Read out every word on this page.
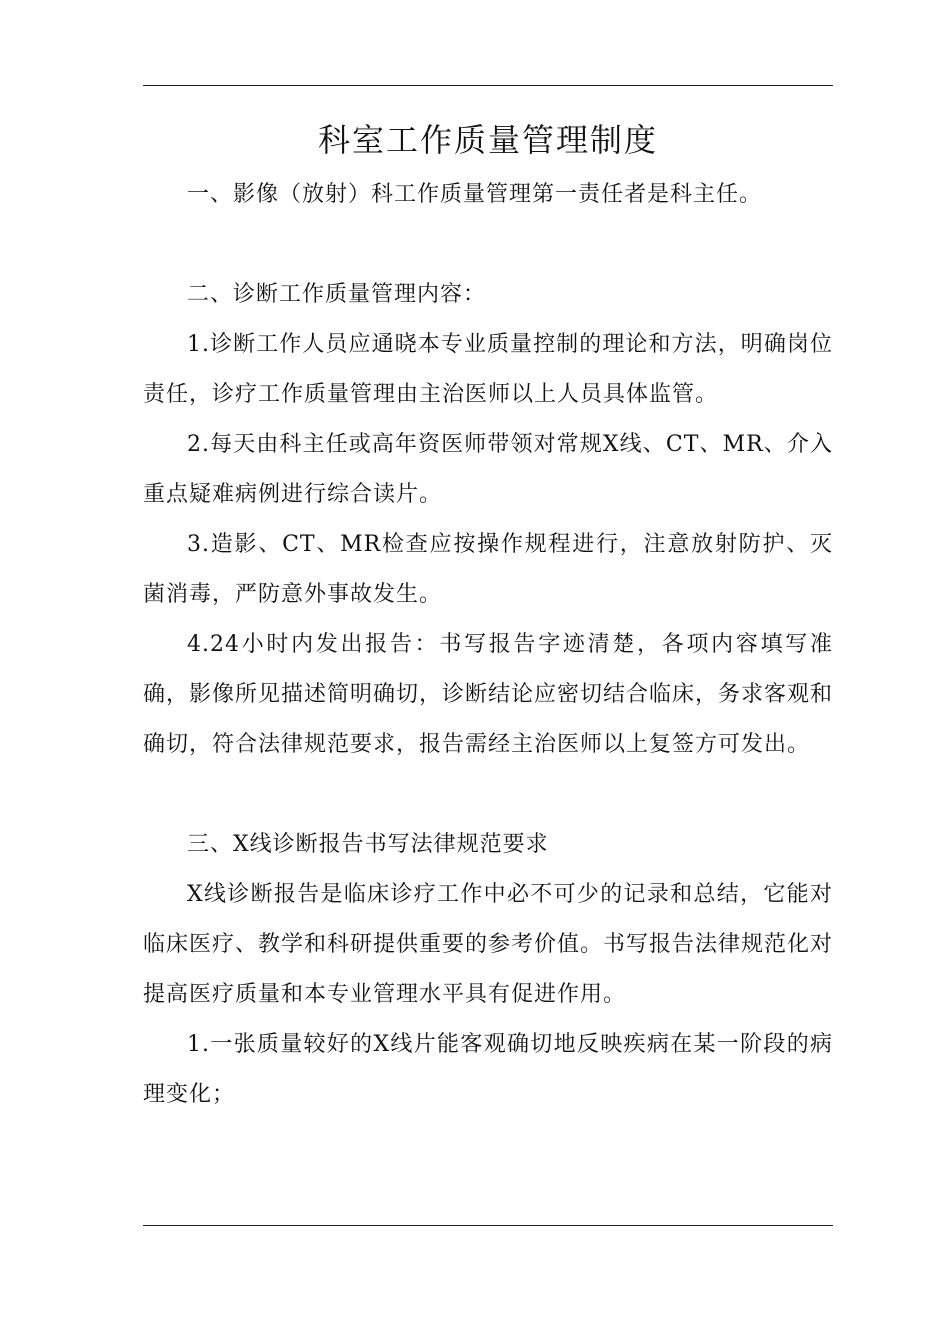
科室工作质量管理制度

一、影像（放射）科工作质量管理第一责任者是科主任。

二、诊断工作质量管理内容：

1.诊断工作人员应通晓本专业质量控制的理论和方法，明确岗位责任，诊疗工作质量管理由主治医师以上人员具体监管。

2.每天由科主任或高年资医师带领对常规X线、CT、MR、介入重点疑难病例进行综合读片。

3.造影、CT、MR检查应按操作规程进行，注意放射防护、灭菌消毒，严防意外事故发生。

4.24小时内发出报告：书写报告字迹清楚，各项内容填写准确，影像所见描述简明确切，诊断结论应密切结合临床，务求客观和确切，符合法律规范要求，报告需经主治医师以上复签方可发出。

三、X线诊断报告书写法律规范要求

X线诊断报告是临床诊疗工作中必不可少的记录和总结，它能对临床医疗、教学和科研提供重要的参考价值。书写报告法律规范化对提高医疗质量和本专业管理水平具有促进作用。

1.一张质量较好的X线片能客观确切地反映疾病在某一阶段的病理变化；
